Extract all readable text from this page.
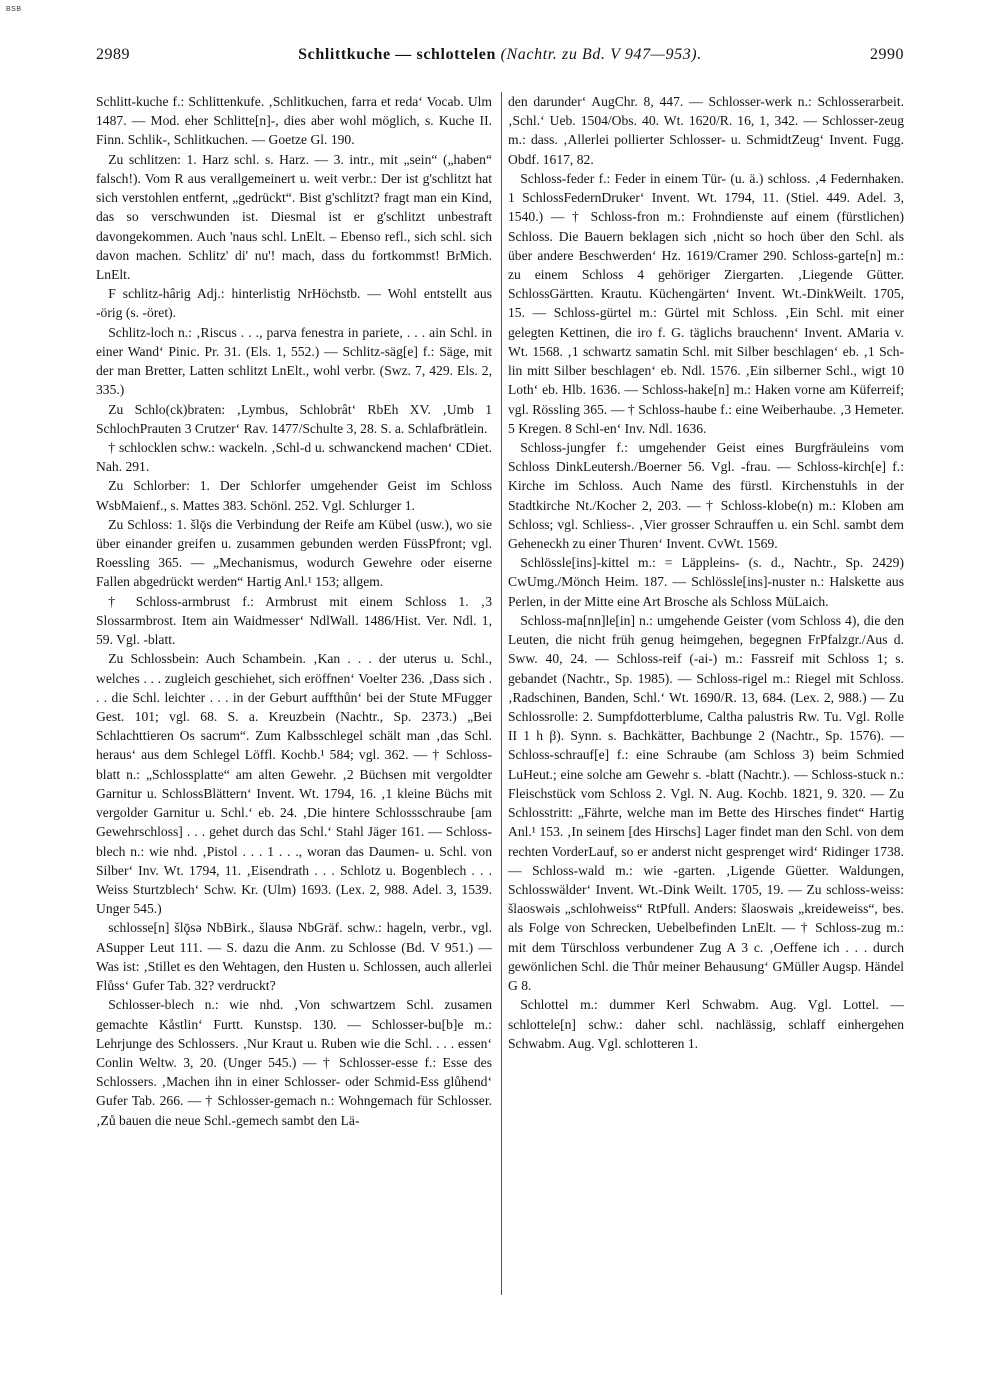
BSB
2989	Schlittkuche — schlottelen (Nachtr. zu Bd. V 947—953).	2990

Schlitt-kuche f.: Schlittenkufe. ‚Schlitkuchen, farra et reda‘ Vocab. Ulm 1487. — Mod. eher Schlitte[n]-, dies aber wohl möglich, s. Kuche II. Finn. Schlik-, Schlitkuchen. — Goetze Gl. 190.

Zu schlitzen: 1. Harz schl. s. Harz. — 3. intr., mit „sein“ („haben“ falsch!). Vom R aus verallgemeinert u. weit verbr.: Der ist g'schlitzt hat sich verstohlen entfernt, „gedrückt“. Bist g'schlitzt? fragt man ein Kind, das so verschwunden ist. Diesmal ist er g'schlitzt unbestraft davongekommen. Auch 'naus schl. LnElt. – Ebenso refl., sich schl. sich davon machen. Schlitz' di' nu'! mach, dass du fortkommst! BrMich. LnElt.

F schlitz-hârig Adj.: hinterlistig NrHöchstb. — Wohl entstellt aus -örig (s. -öret).

Schlitz-loch n.: ‚Riscus . . ., parva fenestra in pariete, . . . ain Schl. in einer Wand‘ Pinic. Pr. 31. (Els. 1, 552.) — Schlitz-säg[e] f.: Säge, mit der man Bretter, Latten schlitzt LnElt., wohl verbr. (Swz. 7, 429. Els. 2, 335.)

Zu Schlo(ck)braten: ‚Lymbus, Schlobrât‘ RbEh XV. ‚Umb 1 SchlochPrauten 3 Crutzer‘ Rav. 1477/Schulte 3, 28. S. a. Schlafbrätlein.

† schlocklen schw.: wackeln. ‚Schl-d u. schwanckend machen‘ CDiet. Nah. 291.

Zu Schlorber: 1. Der Schlorfer umgehender Geist im Schloss WsbMaienf., s. Mattes 383. Schönl. 252. Vgl. Schlurger 1.

Zu Schloss: 1. šlǭs die Verbindung der Reife am Kübel (usw.), wo sie über einander greifen u. zusammen gebunden werden FüssPfront; vgl. Roessling 365. — „Mechanismus, wodurch Gewehre oder eiserne Fallen abgedrückt werden“ Hartig Anl.¹ 153; allgem.

† Schloss-armbrust f.: Armbrust mit einem Schloss 1. ‚3 Slossarmbrost. Item ain Waidmesser‘ NdlWall. 1486/Hist. Ver. Ndl. 1, 59. Vgl. -blatt.

Zu Schlossbein: Auch Schambein. ‚Kan . . . der uterus u. Schl., welches . . . zugleich geschiehet, sich eröffnen‘ Voelter 236. ‚Dass sich . . . die Schl. leichter . . . in der Geburt auffthůn‘ bei der Stute MFugger Gest. 101; vgl. 68. S. a. Kreuzbein (Nachtr., Sp. 2373.) „Bei Schlachttieren Os sacrum“. Zum Kalbsschlegel schält man ‚das Schl. heraus‘ aus dem Schlegel Löffl. Kochb.¹ 584; vgl. 362. — † Schloss-blatt n.: „Schlossplatte“ am alten Gewehr. ‚2 Büchsen mit vergoldter Garnitur u. SchlossBlättern‘ Invent. Wt. 1794, 16. ‚1 kleine Büchs mit vergolder Garnitur u. Schl.‘ eb. 24. ‚Die hintere Schlossschraube [am Gewehrschloss] . . . gehet durch das Schl.‘ Stahl Jäger 161. — Schloss-blech n.: wie nhd. ‚Pistol . . . 1 . . ., woran das Daumen- u. Schl. von Silber‘ Inv. Wt. 1794, 11. ‚Eisendrath . . . Schlotz u. Bogenblech . . . Weiss Sturtzblech‘ Schw. Kr. (Ulm) 1693. (Lex. 2, 988. Adel. 3, 1539. Unger 545.)

schlosse[n] šlǭsə NbBirk., šlausə NbGräf. schw.: hageln, verbr., vgl. ASupper Leut 111. — S. dazu die Anm. zu Schlosse (Bd. V 951.) — Was ist: ‚Stillet es den Wehtagen, den Husten u. Schlossen, auch allerlei Flůss‘ Gufer Tab. 32? verdruckt?

Schlosser-blech n.: wie nhd. ‚Von schwartzem Schl. zusamen gemachte Kåstlin‘ Furtt. Kunstsp. 130. — Schlosser-bu[b]e m.: Lehrjunge des Schlossers. ‚Nur Kraut u. Ruben wie die Schl. . . . essen‘ Conlin Weltw. 3, 20. (Unger 545.) — † Schlosser-esse f.: Esse des Schlossers. ‚Machen ihn in einer Schlosser- oder Schmid-Ess glůhend‘ Gufer Tab. 266. — † Schlosser-gemach n.: Wohngemach für Schlosser. ‚Zů bauen die neue Schl.-gemech sambt den Lä-

den darunder‘ AugChr. 8, 447. — Schlosser-werk n.: Schlosserarbeit. ‚Schl.‘ Ueb. 1504/Obs. 40. Wt. 1620/R. 16, 1, 342. — Schlosser-zeug m.: dass. ‚Allerlei pollierter Schlosser- u. SchmidtZeug‘ Invent. Fugg. Obdf. 1617, 82.

Schloss-feder f.: Feder in einem Tür- (u. ä.) schloss. ‚4 Federnhaken. 1 SchlossFedernDruker‘ Invent. Wt. 1794, 11. (Stiel. 449. Adel. 3, 1540.) — † Schloss-fron m.: Frohndienste auf einem (fürstlichen) Schloss. Die Bauern beklagen sich ‚nicht so hoch über den Schl. als über andere Beschwerden‘ Hz. 1619/Cramer 290. Schloss-garte[n] m.: zu einem Schloss 4 gehöriger Ziergarten. ‚Liegende Gütter. SchlossGärtten. Krautu. Küchengärten‘ Invent. Wt.-DinkWeilt. 1705, 15. — Schloss-gürtel m.: Gürtel mit Schloss. ‚Ein Schl. mit einer gelegten Kettinen, die iro f. G. täglichs brauchenn‘ Invent. AMaria v. Wt. 1568. ‚1 schwartz samatin Schl. mit Silber beschlagen‘ eb. ‚1 Sch-lin mitt Silber beschlagen‘ eb. Ndl. 1576. ‚Ein silberner Schl., wigt 10 Loth‘ eb. Hlb. 1636. — Schloss-hake[n] m.: Haken vorne am Küferreif; vgl. Rössling 365. — † Schloss-haube f.: eine Weiberhaube. ‚3 Hemeter. 5 Kregen. 8 Schl-en‘ Inv. Ndl. 1636.

Schloss-jungfer f.: umgehender Geist eines Burgfräuleins vom Schloss DinkLeutersh./Boerner 56. Vgl. -frau. — Schloss-kirch[e] f.: Kirche im Schloss. Auch Name des fürstl. Kirchenstuhls in der Stadtkirche Nt./Kocher 2, 203. — † Schloss-klobe(n) m.: Kloben am Schloss; vgl. Schliess-. ‚Vier grosser Schrauffen u. ein Schl. sambt dem Geheneckh zu einer Thuren‘ Invent. CvWt. 1569.

Schlössle[ins]-kittel m.: = Läppleins- (s. d., Nachtr., Sp. 2429) CwUmg./Mönch Heim. 187. — Schlössle[ins]-nuster n.: Halskette aus Perlen, in der Mitte eine Art Brosche als Schloss MüLaich.

Schloss-ma[nn]le[in] n.: umgehende Geister (vom Schloss 4), die den Leuten, die nicht früh genug heimgehen, begegnen FrPfalzgr./Aus d. Sww. 40, 24. — Schloss-reif (-ai-) m.: Fassreif mit Schloss 1; s. gebandet (Nachtr., Sp. 1985). — Schloss-rigel m.: Riegel mit Schloss. ‚Radschinen, Banden, Schl.‘ Wt. 1690/R. 13, 684. (Lex. 2, 988.) — Zu Schlossrolle: 2. Sumpfdotterblume, Caltha palustris Rw. Tu. Vgl. Rolle II 1 h β). Synn. s. Bachkätter, Bachbunge 2 (Nachtr., Sp. 1576). — Schloss-schrauf[e] f.: eine Schraube (am Schloss 3) beim Schmied LuHeut.; eine solche am Gewehr s. -blatt (Nachtr.). — Schloss-stuck n.: Fleischstück vom Schloss 2. Vgl. N. Aug. Kochb. 1821, 9. 320. — Zu Schlosstritt: „Fährte, welche man im Bette des Hirsches findet“ Hartig Anl.¹ 153. ‚In seinem [des Hirschs] Lager findet man den Schl. von dem rechten VorderLauf, so er anderst nicht gesprenget wird‘ Ridinger 1738. — Schloss-wald m.: wie -garten. ‚Ligende Güetter. Waldungen, Schlosswälder‘ Invent. Wt.-Dink Weilt. 1705, 19. — Zu schloss-weiss: šlaoswəis „schlohweiss“ RtPfull. Anders: šlaoswəis „kreideweiss“, bes. als Folge von Schrecken, Uebelbefinden LnElt. — † Schloss-zug m.: mit dem Türschloss verbundener Zug A 3 c. ‚Oeffene ich . . . durch gewönlichen Schl. die Thůr meiner Behausung‘ GMüller Augsp. Händel G 8.

Schlottel m.: dummer Kerl Schwabm. Aug. Vgl. Lottel. — schlottele[n] schw.: daher schl. nachlässig, schlaff einhergehen Schwabm. Aug. Vgl. schlotteren 1.
